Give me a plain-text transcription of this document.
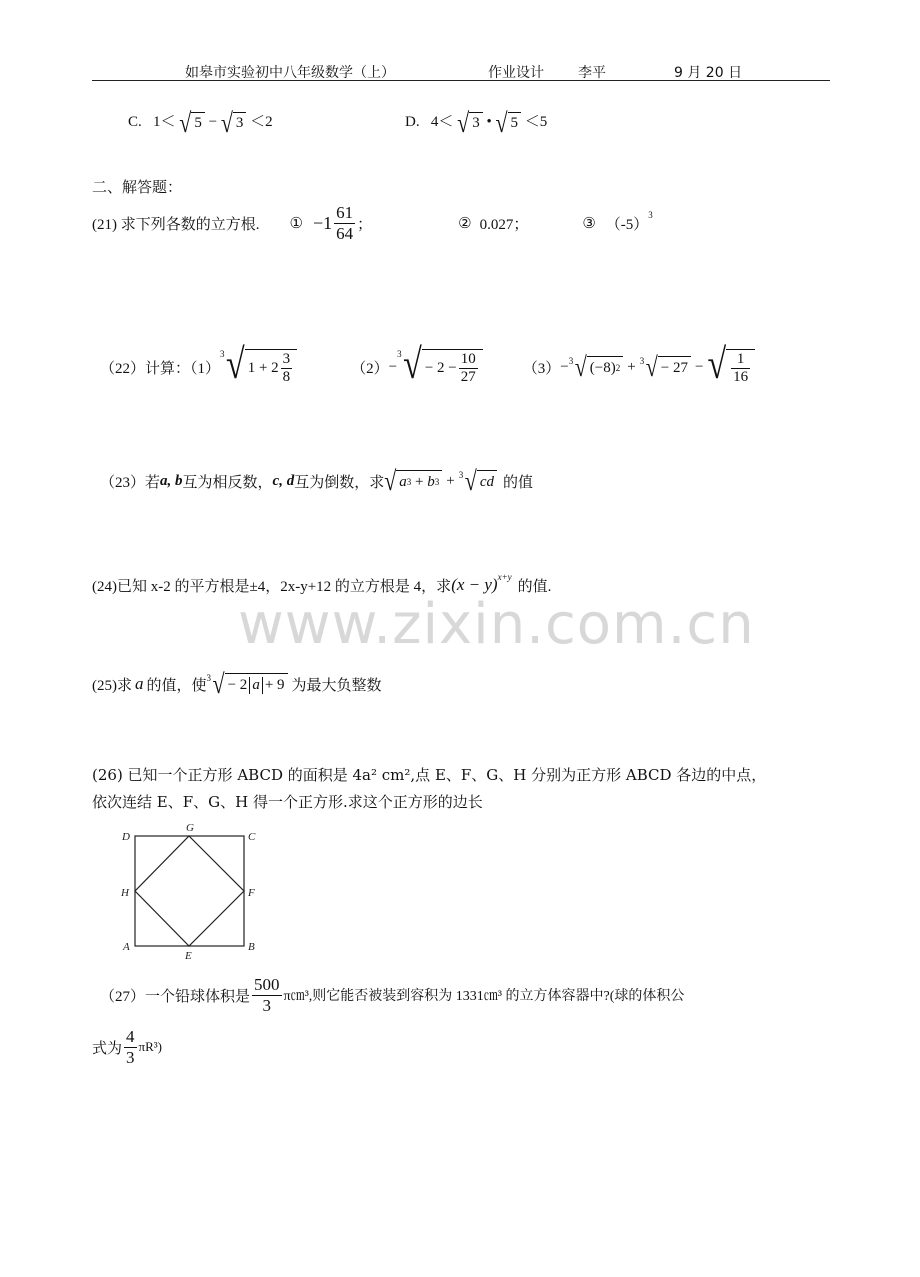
如皋市实验初中八年级数学（上）	作业设计 李平	9 月 20 日
C. 1＜ √ 5 − √ 3 ＜2	D. 4＜ √ 3 • √ 5 ＜5
二、解答题：
(21) 求下列各数的立方根. ① $-1 \frac{61}{64}$ ；	② 0.027；	③ （-5）
$^3$
（22）计算：（1）
3 √ $1 + 2 \frac{3}{8}$	（2） −
3 √ − $2 - \frac{10}{27}$	（3） − 3 √ (−8) 2 + 3 √ − 27 − √ $\frac{1}{16}$
（23）若 a, b 互为相反数， c, d 互为倒数，求 √ a 3 + b 3 + 3 √ cd 的值
(24)已知 x-2 的平方根是±4，2x-y+12 的立方根是 4，求 $(x - y)^{x+y}$
的值.
www.zixin.com.cn
(25)求 a 的值，使 3 √ − 2 a + 9 为最大负整数
(26) 已知一个正方形 ABCD 的面积是 4a² cm²,点 E、F、G、H 分别为正方形 ABCD 各边的中点，
依次连结 E、F、G、H 得一个正方形.求这个正方形的边长
D
G
C
H	F
A
E
B
（27）一个铅球体积是 $\frac{500}{3}$ π㎝³,则它能否被装到容积为 1331㎝³ 的立方体容器中?(球的体积公
式为 $\frac{4}{3} \pi R^3$)
